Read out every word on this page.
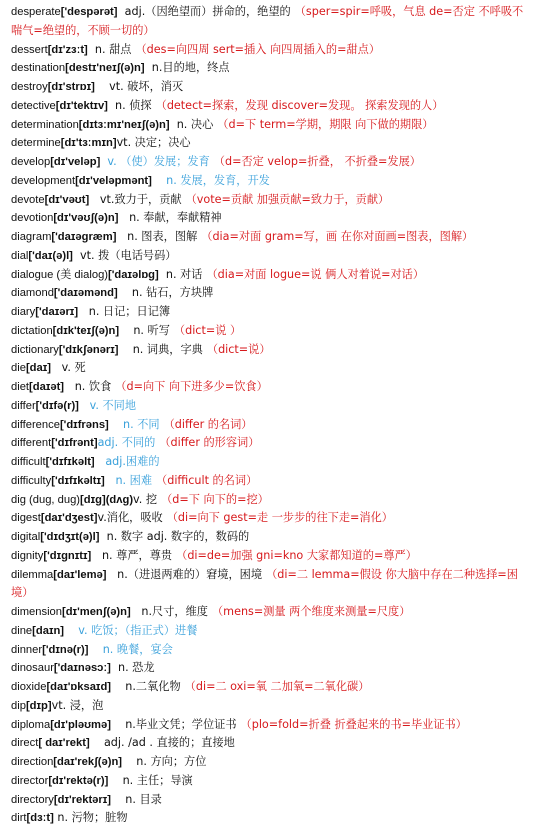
desperate['despərət] adj.（因绝望而）拼命的，绝望的 （sper=spir=呼吸，气息 de=否定 不呼吸不喘气=绝望的，不顾一切的）
dessert[dɪ'zɜːt] n. 甜点 （des=向四周 sert=插入 向四周插入的=甜点）
destination[destɪ'neɪʃ(ə)n] n.目的地，终点
destroy[dɪ'strɒɪ] vt. 破坏，消灭
detective[dɪ'tektɪv] n. 侦探 （detect=探索，发现 discover=发现。 探索发现的人）
determination[dɪtɜːmɪ'neɪʃ(ə)n] n. 决心 （d=下 term=学期，期限 向下做的期限）
determine[dɪ'tɜːmɪn]vt. 决定；决心
develop[dɪ'veləp] v. （使）发展；发育 （d=否定 velop=折叠， 不折叠=发展）
development[dɪ'veləpmənt] n. 发展，发育，开发
devote[dɪ'vəʊt] vt.致力于，贡献 （vote=贡献 加强贡献=致力于，贡献）
devotion[dɪ'vəʊʃ(ə)n] n. 奉献，奉献精神
diagram['daɪəgræm] n. 图表，图解 （dia=对面 gram=写，画 在你对面画=图表，图解）
dial['daɪ(ə)l] vt. 拨（电话号码）
dialogue (美 dialog)['daɪəlɒg] n. 对话 （dia=对面 logue=说 俩人对着说=对话）
diamond['daɪəmənd] n. 钻石，方块牌
diary['daɪərɪ] n. 日记；日记簿
dictation[dɪk'teɪʃ(ə)n] n. 听写 （dict=说 ）
dictionary['dɪkʃənərɪ] n. 词典，字典 （dict=说）
die[daɪ] v. 死
diet[daɪət] n. 饮食 （d=向下 向下进多少=饮食）
differ['dɪfə(r)] v. 不同地
difference['dɪfrəns] n. 不同 （differ 的名词）
different['dɪfrənt]adj. 不同的 （differ 的形容词）
difficult['dɪfɪkəlt] adj.困难的
difficulty['dɪfɪkəltɪ] n. 困难 （difficult 的名词）
dig (dug, dug)[dɪg](dʌg)v. 挖 （d=下 向下的=挖）
digest[daɪ'dʒest]v.消化，吸收 （di=向下 gest=走 一步步的往下走=消化）
digital['dɪdʒɪt(ə)l] n. 数字 adj. 数字的，数码的
dignity['dɪgnɪtɪ] n. 尊严，尊贵 （di=de=加强 gni=kno 大家都知道的=尊严）
dilemma[daɪ'lemə] n.（进退两难的）窘境，困境 （di=二 lemma=假设 你大脑中存在二种选择=困境）
dimension[dɪ'menʃ(ə)n] n.尺寸，维度 （mens=测量 两个维度来测量=尺度）
dine[daɪn] v. 吃饭；（指正式）进餐
dinner['dɪnə(r)] n. 晚餐，宴会
dinosaur['daɪnəsɔː] n. 恐龙
dioxide[daɪ'ɒksaɪd] n.二氧化物 （di=二 oxi=氧 二加氧=二氧化碳）
dip[dɪp]vt. 浸，泡
diploma[dɪ'pləʊmə] n.毕业文凭；学位证书 （plo=fold=折叠 折叠起来的书=毕业证书）
direct[ daɪ'rekt] adj. /ad . 直接的；直接地
direction[daɪ'rekʃ(ə)n] n. 方向；方位
director[dɪ'rektə(r)] n. 主任；导演
directory[dɪ'rektərɪ] n. 目录
dirt[dɜːt] n. 污物；脏物
